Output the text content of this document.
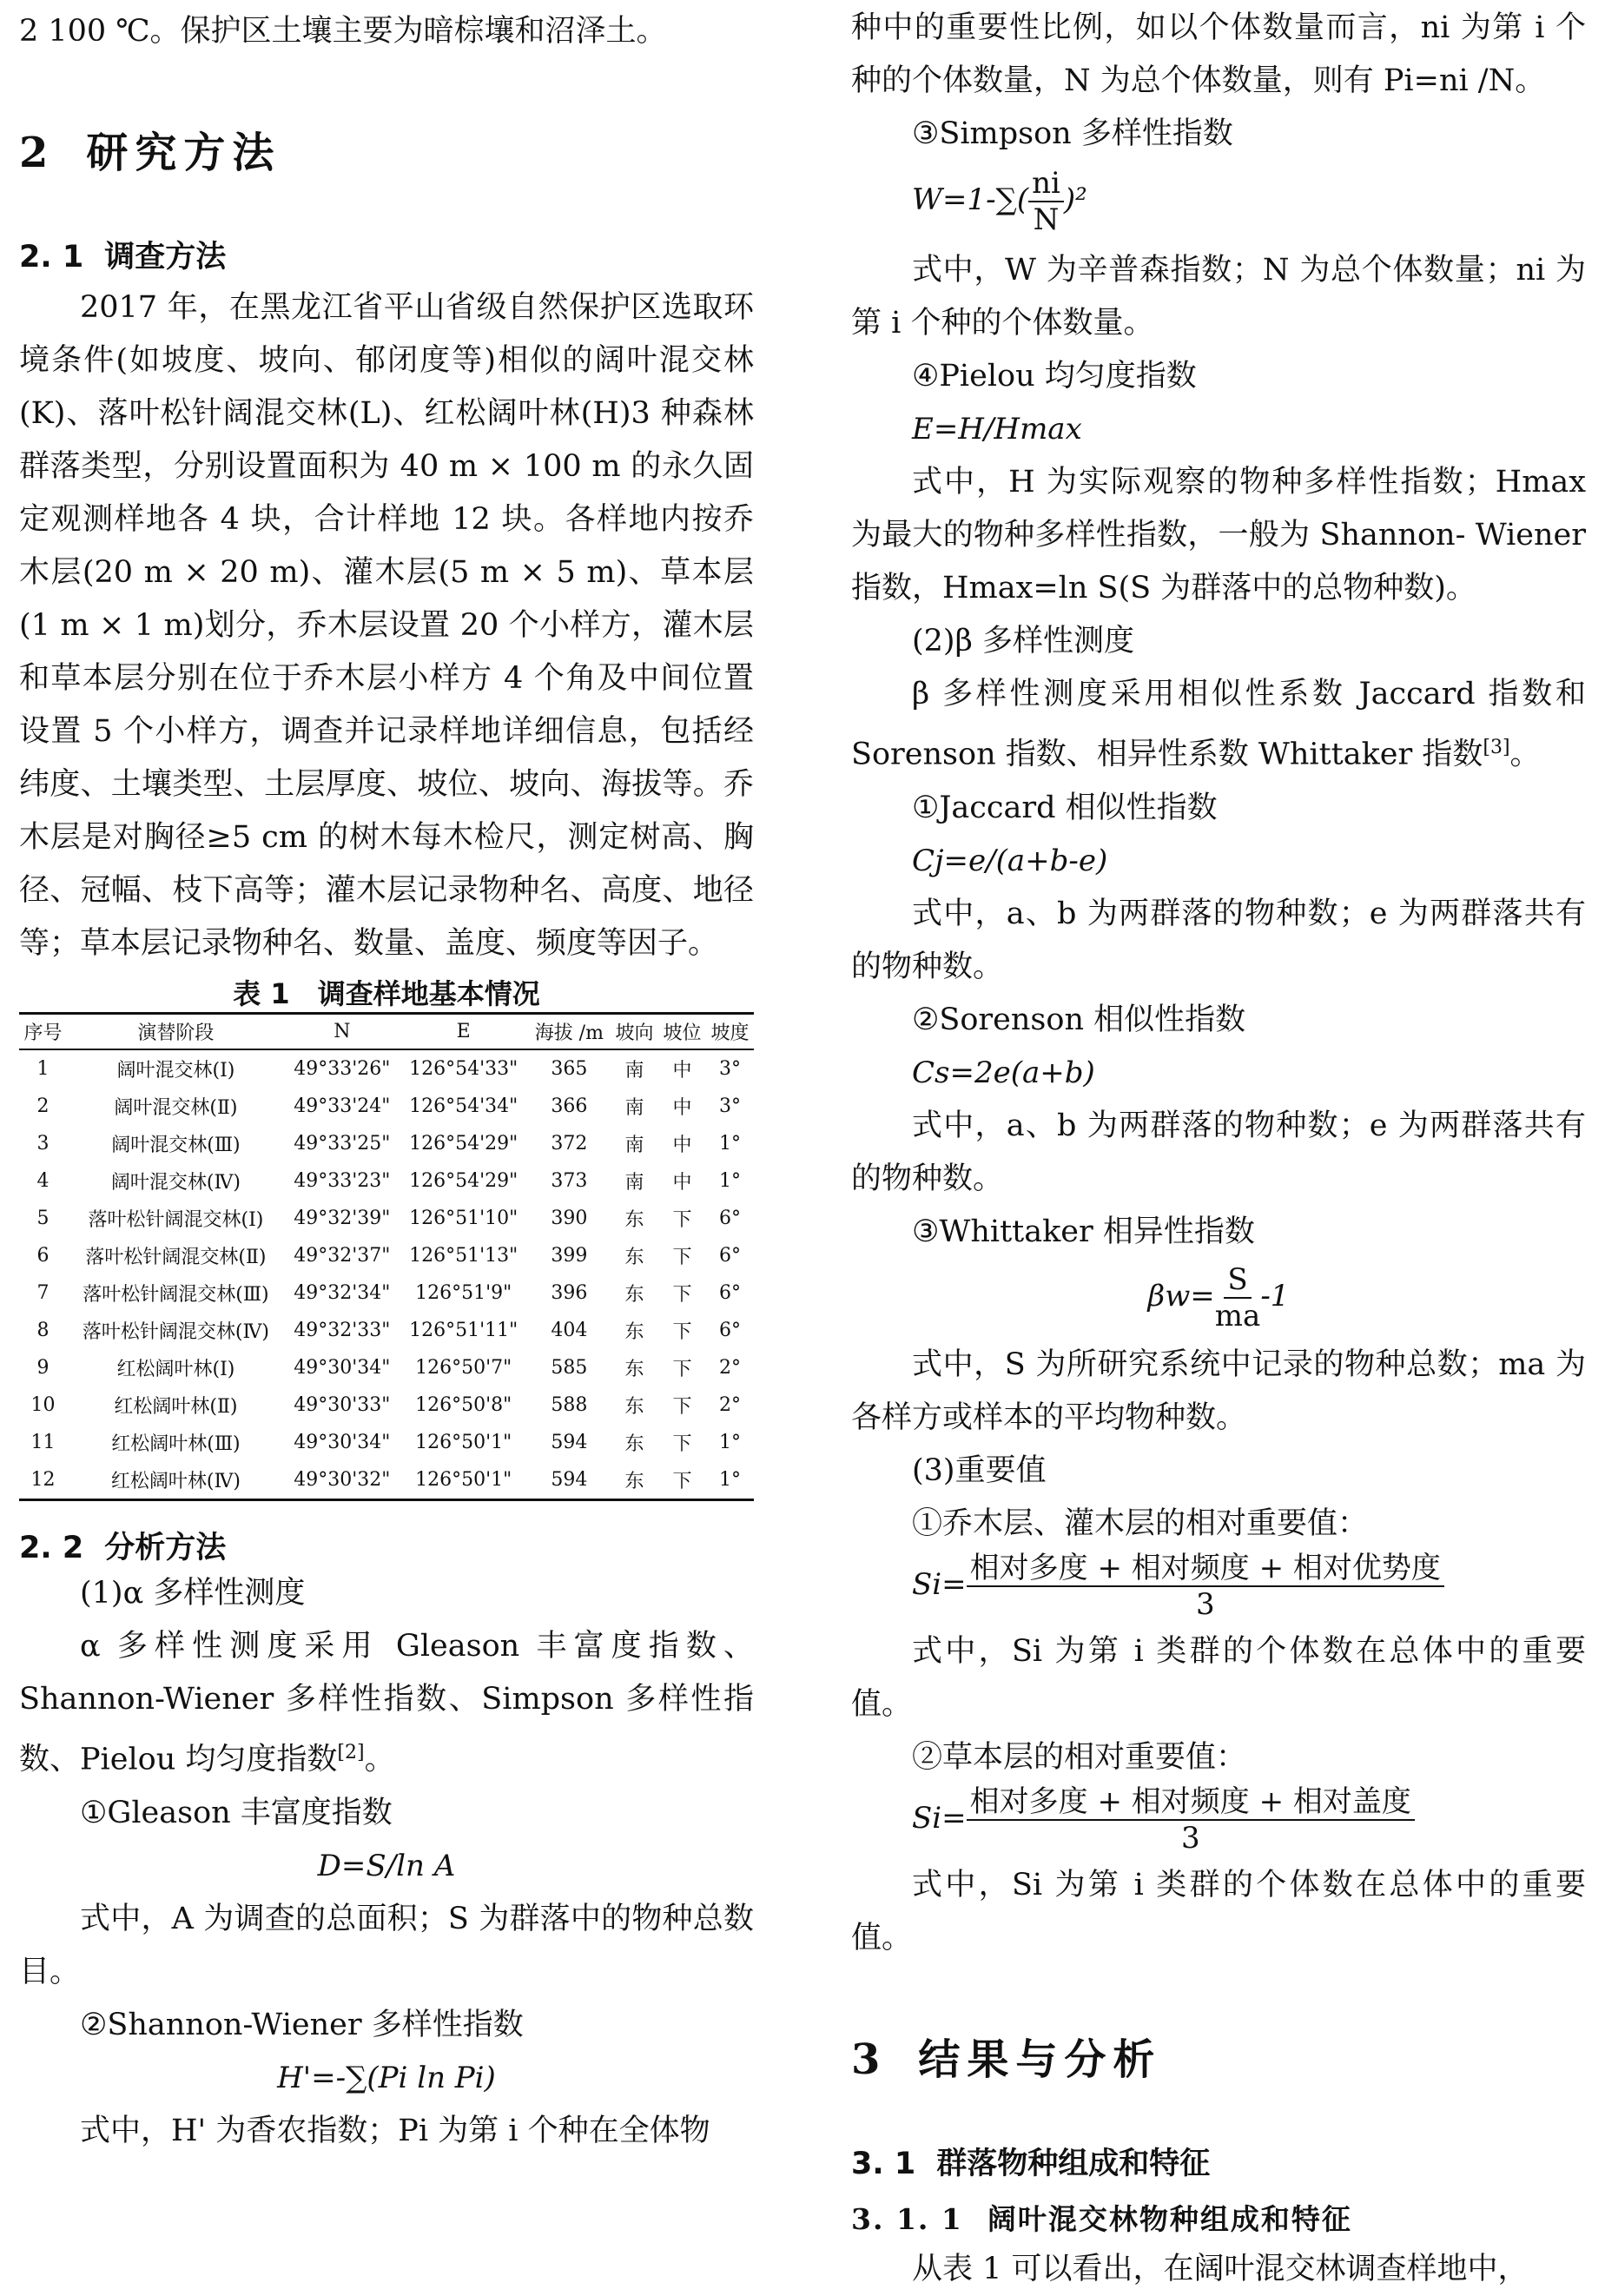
2 100 ℃。保护区土壤主要为暗棕壤和沼泽土。

2 研究方法
2. 1 调查方法

2017 年，在黑龙江省平山省级自然保护区选取环境条件(如坡度、坡向、郁闭度等)相似的阔叶混交林(K)、落叶松针阔混交林(L)、红松阔叶林(H)3 种森林群落类型，分别设置面积为 40 m × 100 m 的永久固定观测样地各 4 块，合计样地 12 块。各样地内按乔木层(20 m × 20 m)、灌木层(5 m × 5 m)、草本层(1 m × 1 m)划分，乔木层设置 20 个小样方，灌木层和草本层分别在位于乔木层小样方 4 个角及中间位置设置 5 个小样方，调查并记录样地详细信息，包括经纬度、土壤类型、土层厚度、坡位、坡向、海拔等。乔木层是对胸径≥5 cm 的树木每木检尺，测定树高、胸径、冠幅、枝下高等；灌木层记录物种名、高度、地径等；草本层记录物种名、数量、盖度、频度等因子。

表 1　调查样地基本情况

序号	演替阶段	N	E	海拔 /m	坡向	坡位	坡度
1	阔叶混交林(Ⅰ)	49°33'26"	126°54'33"	365	南	中	3°
2	阔叶混交林(Ⅱ)	49°33'24"	126°54'34"	366	南	中	3°
3	阔叶混交林(Ⅲ)	49°33'25"	126°54'29"	372	南	中	1°
4	阔叶混交林(Ⅳ)	49°33'23"	126°54'29"	373	南	中	1°
5	落叶松针阔混交林(Ⅰ)	49°32'39"	126°51'10"	390	东	下	6°
6	落叶松针阔混交林(Ⅱ)	49°32'37"	126°51'13"	399	东	下	6°
7	落叶松针阔混交林(Ⅲ)	49°32'34"	126°51'9"	396	东	下	6°
8	落叶松针阔混交林(Ⅳ)	49°32'33"	126°51'11"	404	东	下	6°
9	红松阔叶林(Ⅰ)	49°30'34"	126°50'7"	585	东	下	2°
10	红松阔叶林(Ⅱ)	49°30'33"	126°50'8"	588	东	下	2°
11	红松阔叶林(Ⅲ)	49°30'34"	126°50'1"	594	东	下	1°
12	红松阔叶林(Ⅳ)	49°30'32"	126°50'1"	594	东	下	1°
2. 2 分析方法

(1)α 多样性测度

α 多样性测度采用 Gleason 丰富度指数、Shannon-Wiener 多样性指数、Simpson 多样性指数、Pielou 均匀度指数[2]。

①Gleason 丰富度指数

D=S/ln A

式中，A 为调查的总面积；S 为群落中的物种总数目。

②Shannon-Wiener 多样性指数

H'=-∑(Pi ln Pi)

式中，H' 为香农指数；Pi 为第 i 个种在全体物

种中的重要性比例，如以个体数量而言，ni 为第 i 个种的个体数量，N 为总个体数量，则有 Pi=ni /N。

③Simpson 多样性指数

$W=1-\sum( \frac{ni}{N} )^2$

式中，W 为辛普森指数；N 为总个体数量；ni 为第 i 个种的个体数量。

④Pielou 均匀度指数

E=H/Hmax

式中，H 为实际观察的物种多样性指数；Hmax 为最大的物种多样性指数，一般为 Shannon- Wiener 指数，Hmax=ln S(S 为群落中的总物种数)。

(2)β 多样性测度

β 多样性测度采用相似性系数 Jaccard 指数和 Sorenson 指数、相异性系数 Whittaker 指数[3]。

①Jaccard 相似性指数

Cj=e/(a+b-e)

式中，a、b 为两群落的物种数；e 为两群落共有的物种数。

②Sorenson 相似性指数

Cs=2e(a+b)

式中，a、b 为两群落的物种数；e 为两群落共有的物种数。

③Whittaker 相异性指数

$\beta w= \frac{S}{ma} -1$

式中，S 为所研究系统中记录的物种总数；ma 为各样方或样本的平均物种数。

(3)重要值

①乔木层、灌木层的相对重要值：

$Si= \frac{\text{相对多度 + 相对频度 + 相对优势度}}{3}$

式中，Si 为第 i 类群的个体数在总体中的重要值。

②草本层的相对重要值：

$Si= \frac{\text{相对多度 + 相对频度 + 相对盖度}}{3}$

式中，Si 为第 i 类群的个体数在总体中的重要值。

3 结果与分析
3. 1 群落物种组成和特征
3. 1. 1 阔叶混交林物种组成和特征

从表 1 可以看出，在阔叶混交林调查样地中，
